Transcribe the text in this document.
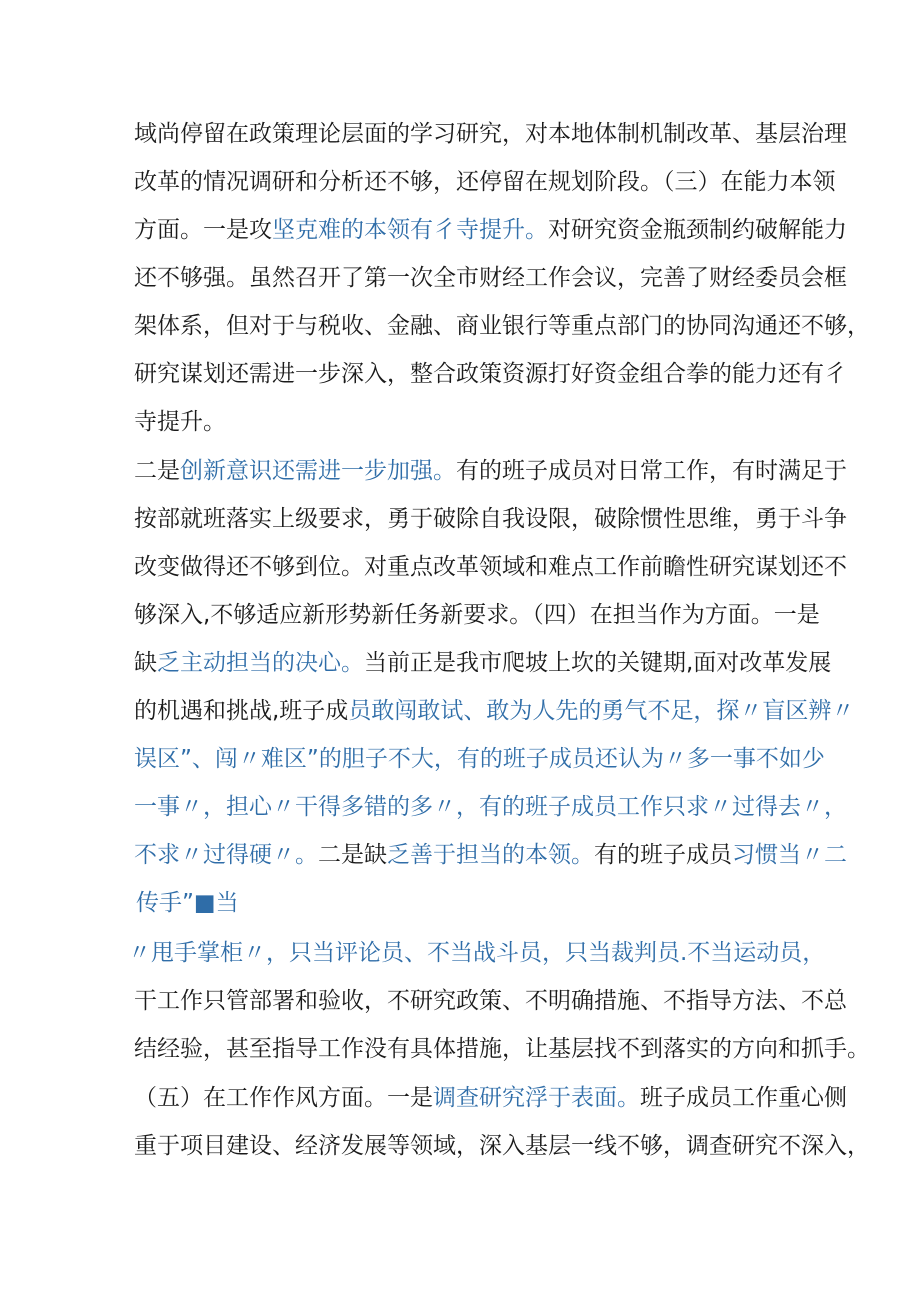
域尚停留在政策理论层面的学习研究，对本地体制机制改革、基层治理
改革的情况调研和分析还不够，还停留在规划阶段。（三）在能力本领
方面。一是攻坚克难的本领有彳寺提升。对研究资金瓶颈制约破解能力
还不够强。虽然召开了第一次全市财经工作会议，完善了财经委员会框
架体系，但对于与税收、金融、商业银行等重点部门的协同沟通还不够，
研究谋划还需进一步深入，整合政策资源打好资金组合拳的能力还有彳
寺提升。
二是创新意识还需进一步加强。有的班子成员对日常工作，有时满足于
按部就班落实上级要求，勇于破除自我设限，破除惯性思维，勇于斗争
改变做得还不够到位。对重点改革领域和难点工作前瞻性研究谋划还不
够深入,不够适应新形势新任务新要求。（四）在担当作为方面。一是
缺乏主动担当的决心。当前正是我市爬坡上坎的关键期,面对改革发展
的机遇和挑战,班子成员敢闯敢试、敢为人先的勇气不足，探〃盲区辨〃
误区”、闯〃难区”的胆子不大，有的班子成员还认为〃多一事不如少
一事〃，担心〃干得多错的多〃，有的班子成员工作只求〃过得去〃，
不求〃过得硬〃。二是缺乏善于担当的本领。有的班子成员习惯当〃二
传手”■当
〃甩手掌柜〃，只当评论员、不当战斗员，只当裁判员.不当运动员，
干工作只管部署和验收，不研究政策、不明确措施、不指导方法、不总
结经验，甚至指导工作没有具体措施，让基层找不到落实的方向和抓手。
（五）在工作作风方面。一是调查研究浮于表面。班子成员工作重心侧
重于项目建设、经济发展等领域，深入基层一线不够，调查研究不深入，
